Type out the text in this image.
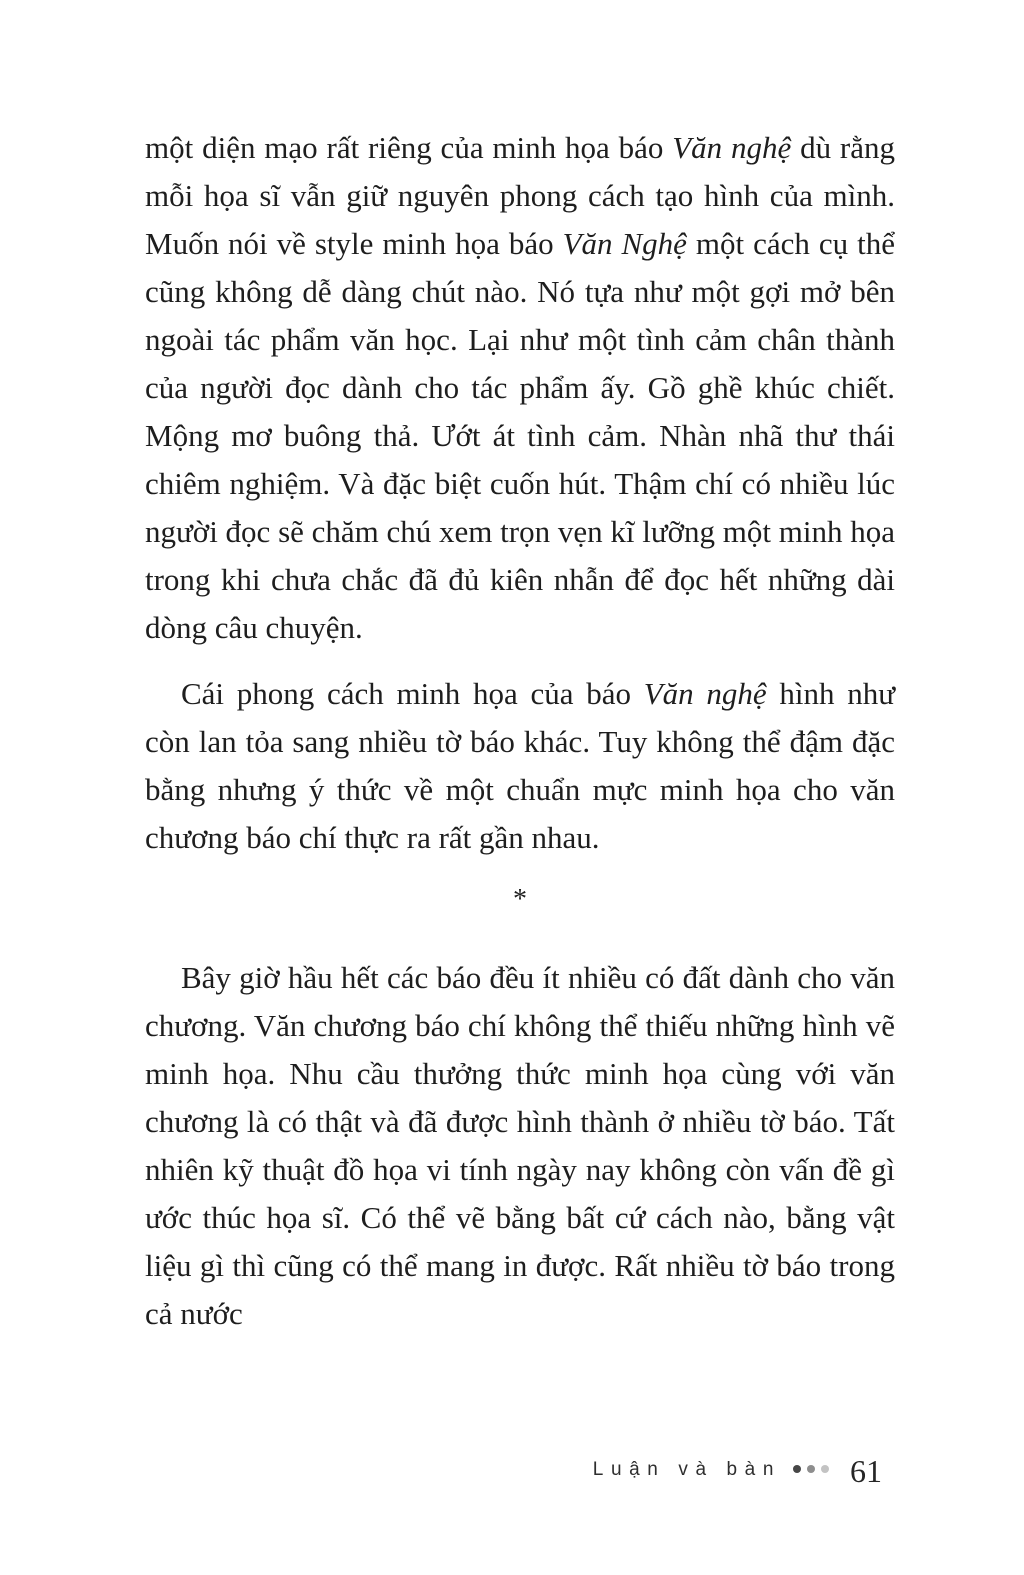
một diện mạo rất riêng của minh họa báo Văn nghệ dù rằng mỗi họa sĩ vẫn giữ nguyên phong cách tạo hình của mình. Muốn nói về style minh họa báo Văn Nghệ một cách cụ thể cũng không dễ dàng chút nào. Nó tựa như một gợi mở bên ngoài tác phẩm văn học. Lại như một tình cảm chân thành của người đọc dành cho tác phẩm ấy. Gồ ghề khúc chiết. Mộng mơ buông thả. Ướt át tình cảm. Nhàn nhã thư thái chiêm nghiệm. Và đặc biệt cuốn hút. Thậm chí có nhiều lúc người đọc sẽ chăm chú xem trọn vẹn kĩ lưỡng một minh họa trong khi chưa chắc đã đủ kiên nhẫn để đọc hết những dài dòng câu chuyện.

Cái phong cách minh họa của báo Văn nghệ hình như còn lan tỏa sang nhiều tờ báo khác. Tuy không thể đậm đặc bằng nhưng ý thức về một chuẩn mực minh họa cho văn chương báo chí thực ra rất gần nhau.

*

Bây giờ hầu hết các báo đều ít nhiều có đất dành cho văn chương. Văn chương báo chí không thể thiếu những hình vẽ minh họa. Nhu cầu thưởng thức minh họa cùng với văn chương là có thật và đã được hình thành ở nhiều tờ báo. Tất nhiên kỹ thuật đồ họa vi tính ngày nay không còn vấn đề gì ước thúc họa sĩ. Có thể vẽ bằng bất cứ cách nào, bằng vật liệu gì thì cũng có thể mang in được. Rất nhiều tờ báo trong cả nước

Luận và bàn 61
